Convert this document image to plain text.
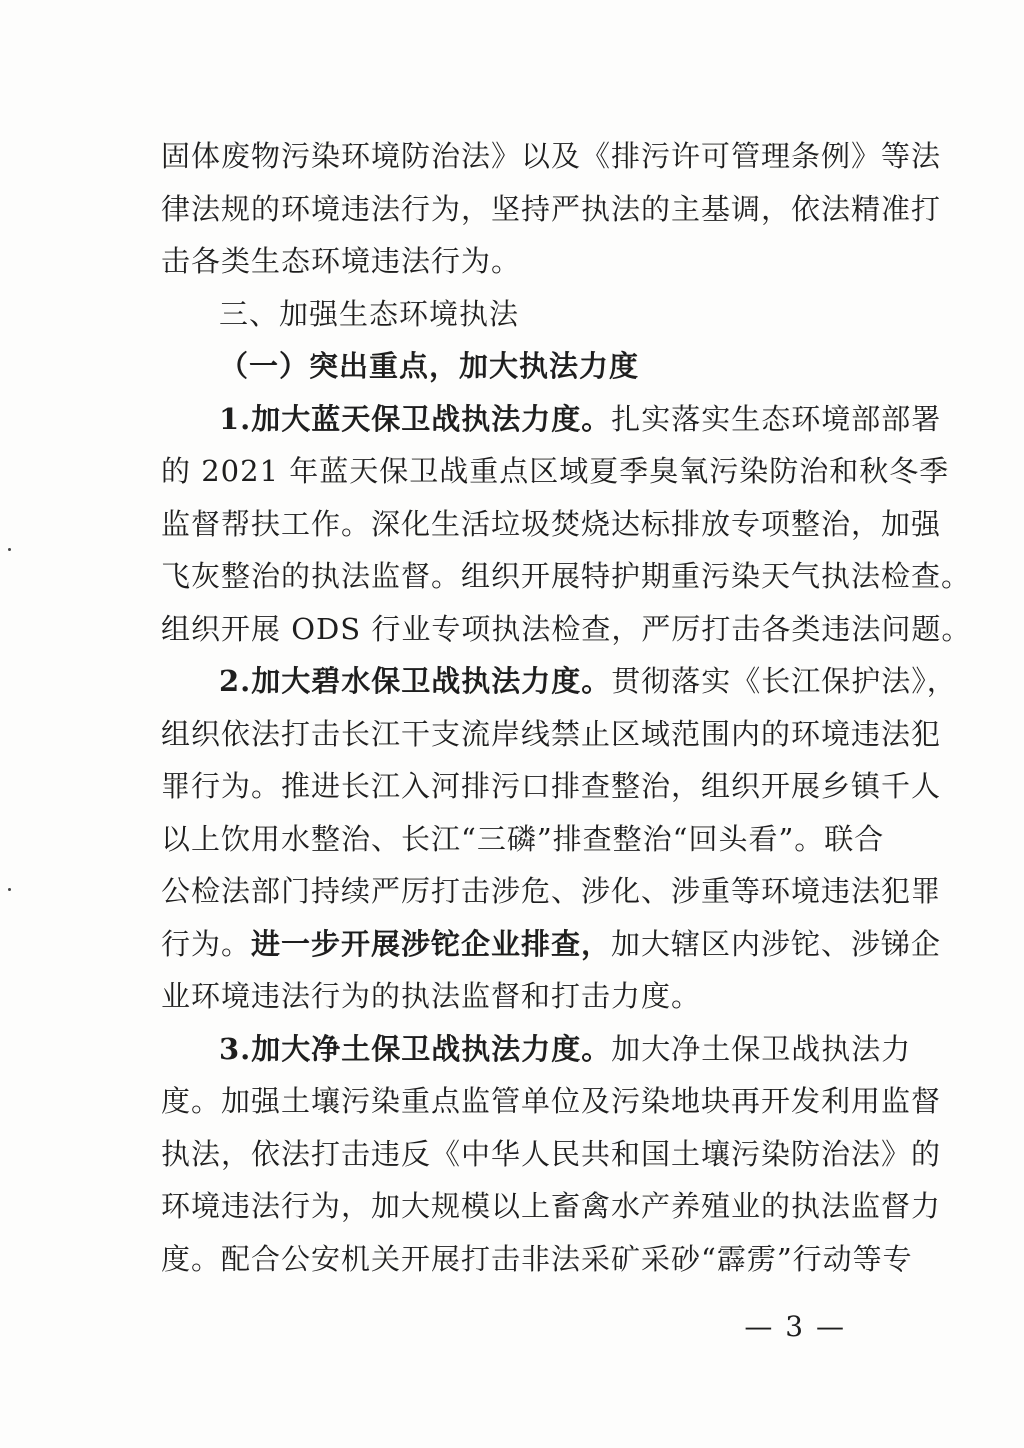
固体废物污染环境防治法》以及《排污许可管理条例》等法
律法规的环境违法行为，坚持严执法的主基调，依法精准打
击各类生态环境违法行为。
三、加强生态环境执法
（一）突出重点，加大执法力度
1.加大蓝天保卫战执法力度。扎实落实生态环境部部署
的 2021 年蓝天保卫战重点区域夏季臭氧污染防治和秋冬季
监督帮扶工作。深化生活垃圾焚烧达标排放专项整治，加强
飞灰整治的执法监督。组织开展特护期重污染天气执法检查。
组织开展 ODS 行业专项执法检查，严厉打击各类违法问题。
2.加大碧水保卫战执法力度。贯彻落实《长江保护法》，
组织依法打击长江干支流岸线禁止区域范围内的环境违法犯
罪行为。推进长江入河排污口排查整治，组织开展乡镇千人
以上饮用水整治、长江“三磷”排查整治“回头看”。联合
公检法部门持续严厉打击涉危、涉化、涉重等环境违法犯罪
行为。进一步开展涉铊企业排查，加大辖区内涉铊、涉锑企
业环境违法行为的执法监督和打击力度。
3.加大净土保卫战执法力度。加大净土保卫战执法力
度。加强土壤污染重点监管单位及污染地块再开发利用监督
执法，依法打击违反《中华人民共和国土壤污染防治法》的
环境违法行为，加大规模以上畜禽水产养殖业的执法监督力
度。配合公安机关开展打击非法采矿采砂“霹雳”行动等专
— 3 —
